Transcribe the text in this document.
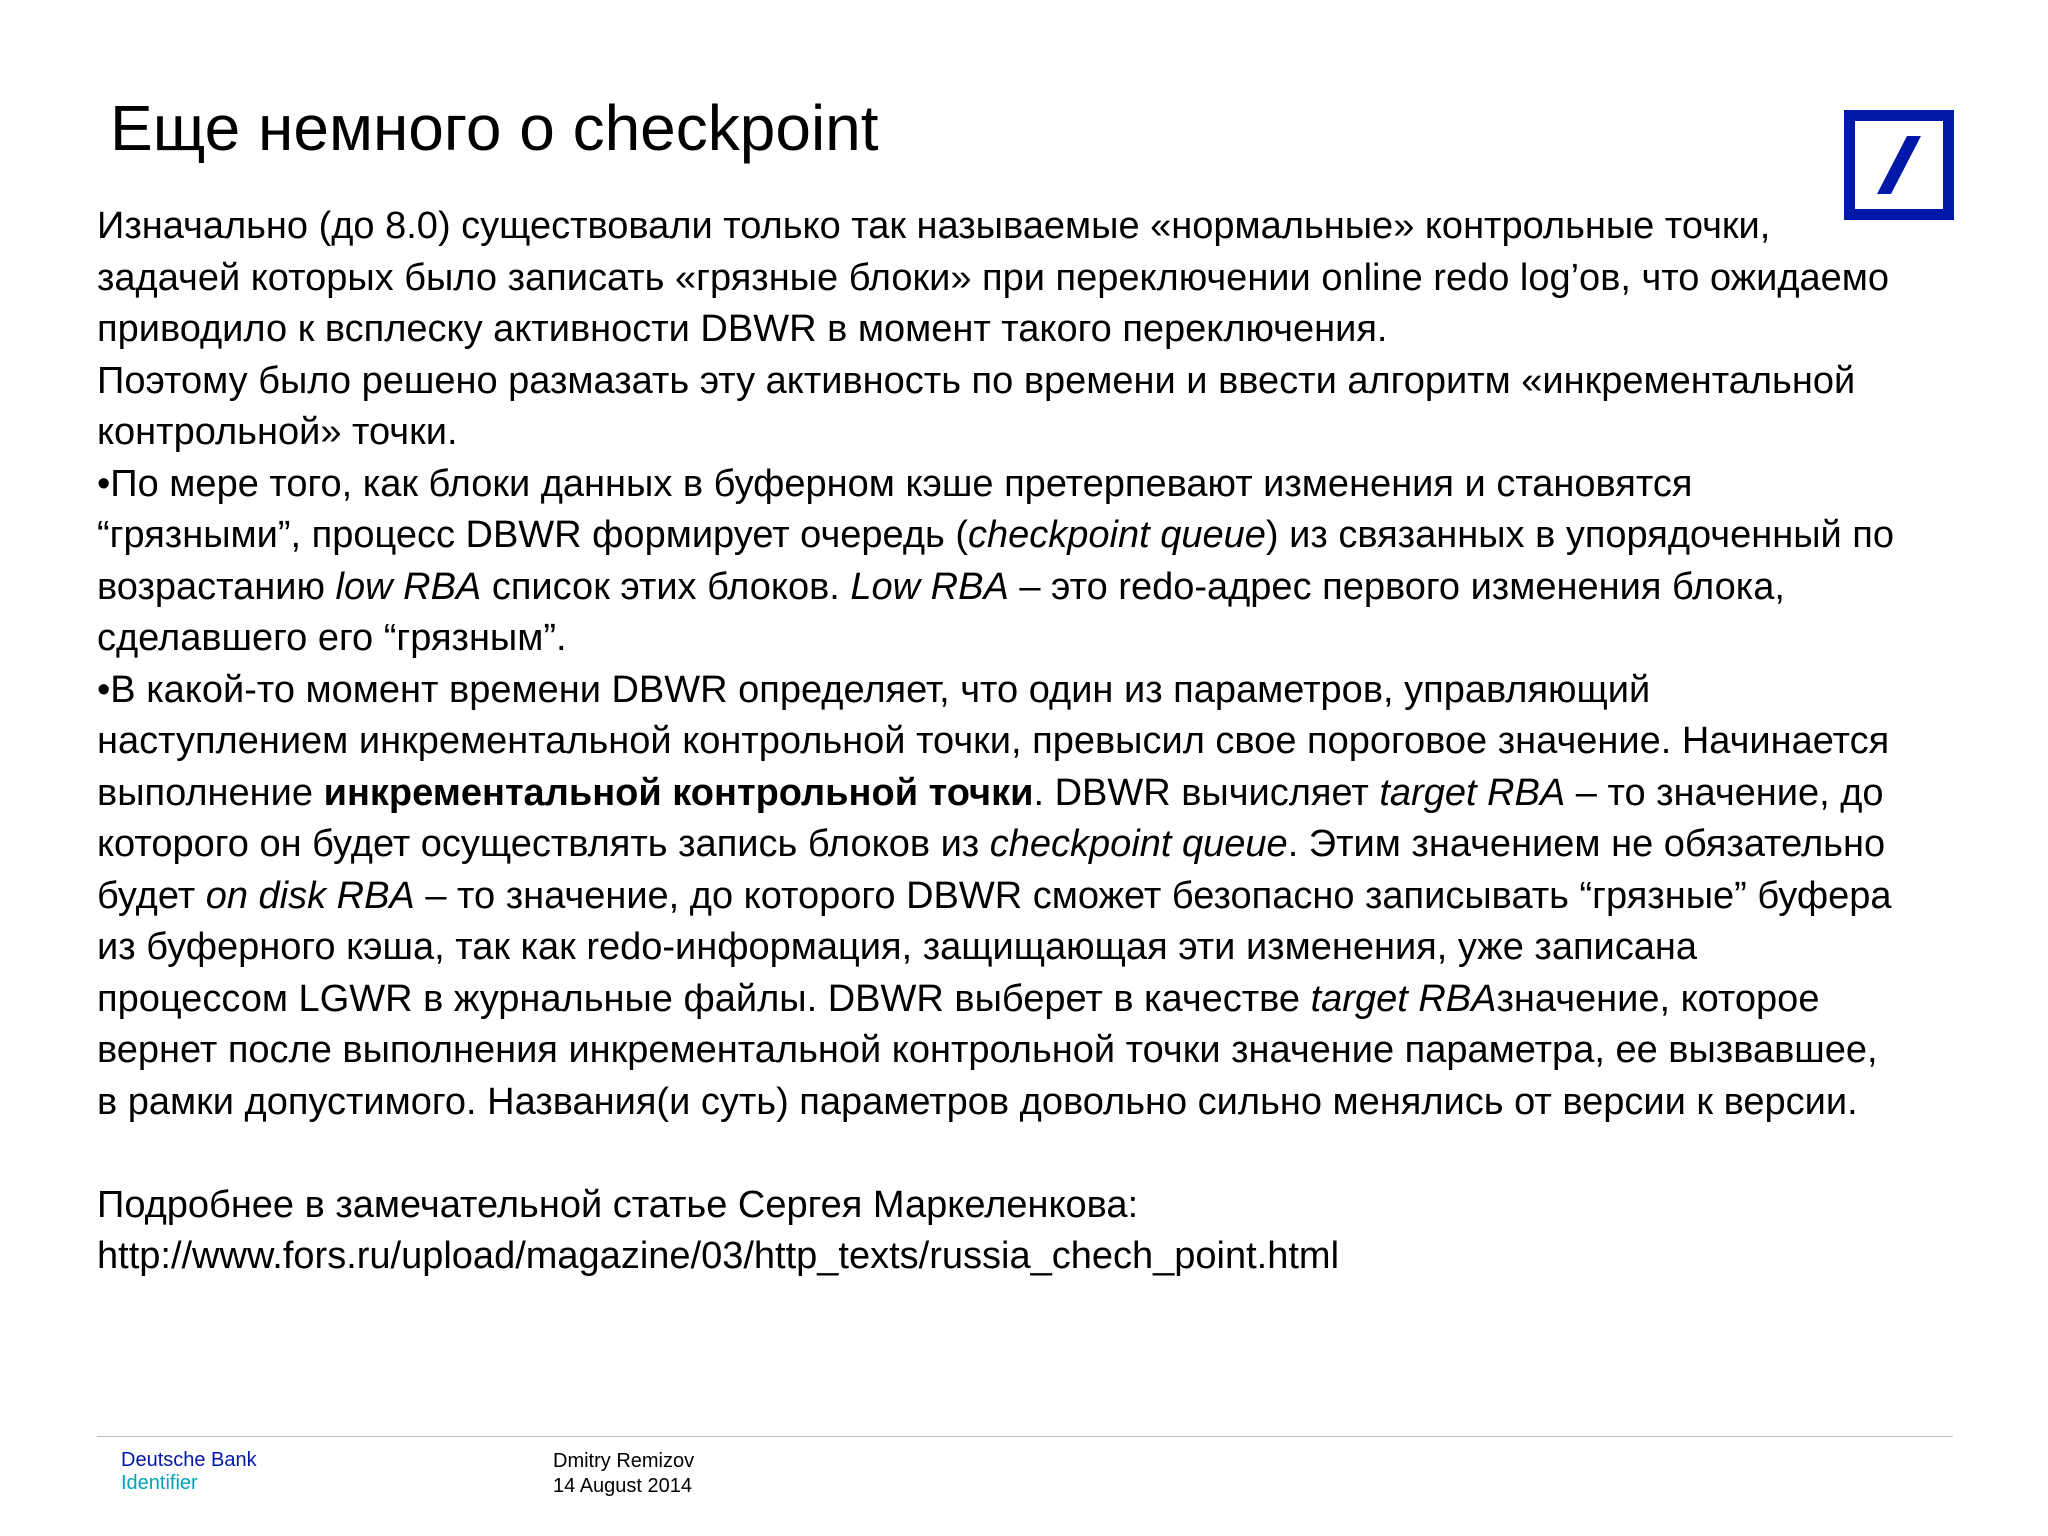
Еще немного о checkpoint

Изначально (до 8.0) существовали только так называемые «нормальные» контрольные точки, задачей которых было записать «грязные блоки» при переключении online redo log’ов, что ожидаемо приводило к всплеску активности DBWR в момент такого переключения.

Поэтому было решено размазать эту активность по времени и ввести алгоритм «инкрементальной контрольной» точки.

•По мере того, как блоки данных в буферном кэше претерпевают изменения и становятся “грязными”, процесс DBWR формирует очередь (checkpoint queue) из связанных в упорядоченный по возрастанию low RBA список этих блоков. Low RBA – это redo-адрес первого изменения блока, сделавшего его “грязным”.

•В какой-то момент времени DBWR определяет, что один из параметров, управляющий наступлением инкрементальной контрольной точки, превысил свое пороговое значение. Начинается выполнение инкрементальной контрольной точки. DBWR вычисляет target RBA – то значение, до которого он будет осуществлять запись блоков из checkpoint queue. Этим значением не обязательно будет on disk RBA – то значение, до которого DBWR сможет безопасно записывать “грязные” буфера из буферного кэша, так как redo-информация, защищающая эти изменения, уже записана процессом LGWR в журнальные файлы. DBWR выберет в качестве target RBAзначение, которое вернет после выполнения инкрементальной контрольной точки значение параметра, ее вызвавшее, в рамки допустимого. Названия(и суть) параметров довольно сильно менялись от версии к версии.

Подробнее в замечательной статье Сергея Маркеленкова:

http://www.fors.ru/upload/magazine/03/http_texts/russia_chech_point.html

Deutsche Bank
Identifier
Dmitry Remizov
14 August 2014
